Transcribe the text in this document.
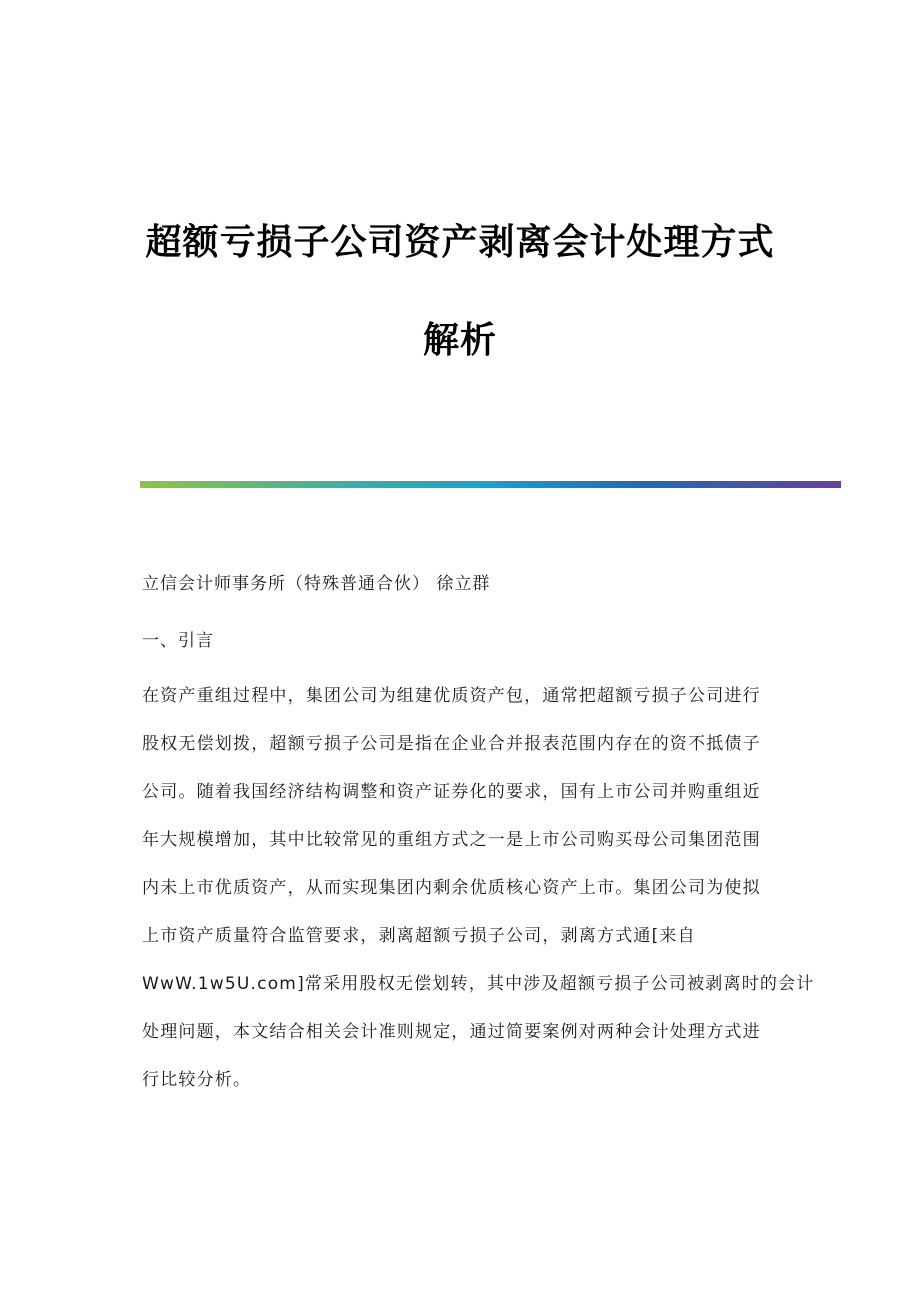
超额亏损子公司资产剥离会计处理方式
解析
立信会计师事务所（特殊普通合伙） 徐立群
一、引言
在资产重组过程中，集团公司为组建优质资产包，通常把超额亏损子公司进行
股权无偿划拨，超额亏损子公司是指在企业合并报表范围内存在的资不抵债子
公司。随着我国经济结构调整和资产证券化的要求，国有上市公司并购重组近
年大规模增加，其中比较常见的重组方式之一是上市公司购买母公司集团范围
内未上市优质资产，从而实现集团内剩余优质核心资产上市。集团公司为使拟
上市资产质量符合监管要求，剥离超额亏损子公司，剥离方式通[来自
WwW.1w5U.com]常采用股权无偿划转，其中涉及超额亏损子公司被剥离时的会计
处理问题，本文结合相关会计准则规定，通过简要案例对两种会计处理方式进
行比较分析。
